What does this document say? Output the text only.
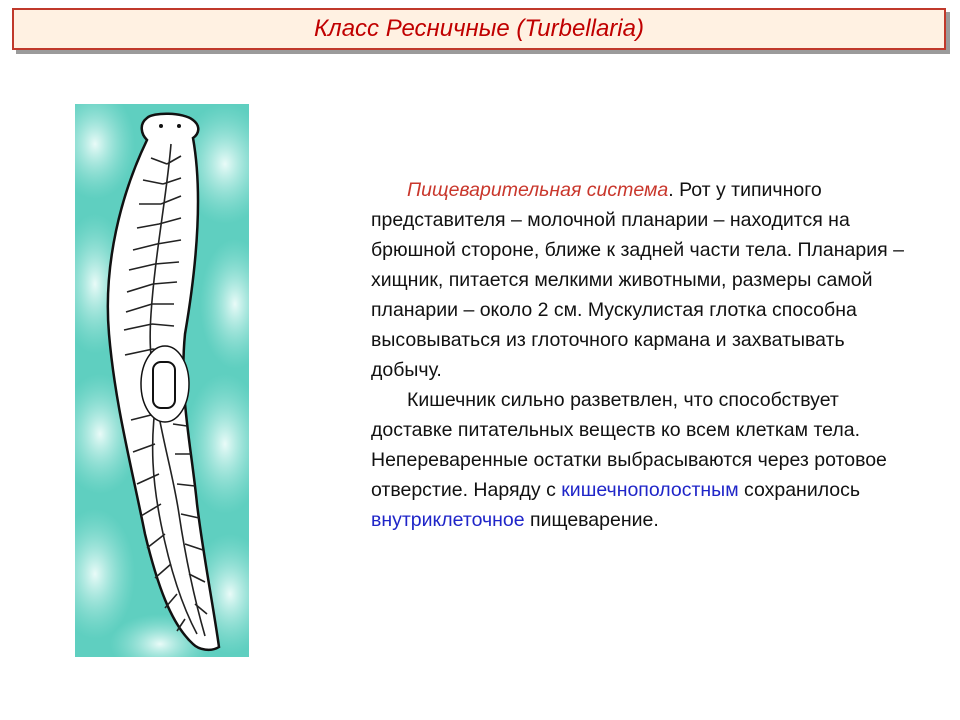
Класс Ресничные (Turbellaria)

Пищеварительная система. Рот у типичного представителя – молочной планарии – находится на брюшной стороне, ближе к задней части тела. Планария – хищник, питается мелкими животными, размеры самой планарии – около 2 см. Мускулистая глотка способна высовываться из глоточного кармана и захватывать добычу.

Кишечник сильно разветвлен, что способствует доставке питательных веществ ко всем клеткам тела. Непереваренные остатки выбрасываются через ротовое отверстие. Наряду с кишечнополостным сохранилось внутриклеточное пищеварение.
